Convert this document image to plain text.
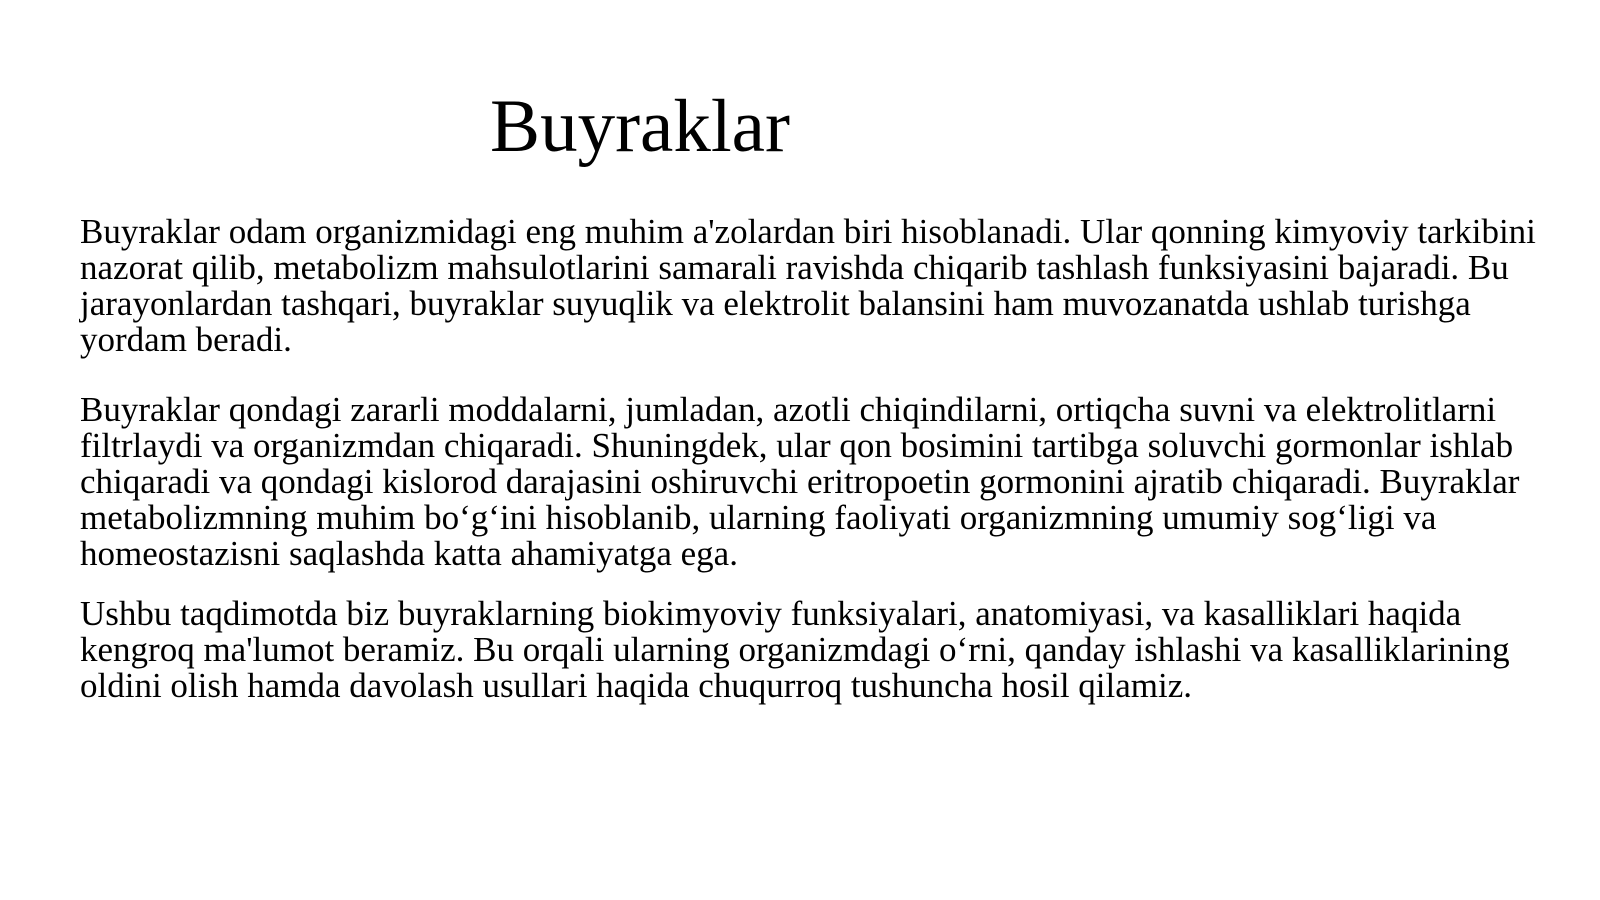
Buyraklar

Buyraklar odam organizmidagi eng muhim a'zolardan biri hisoblanadi. Ular qonning kimyoviy tarkibini nazorat qilib, metabolizm mahsulotlarini samarali ravishda chiqarib tashlash funksiyasini bajaradi. Bu jarayonlardan tashqari, buyraklar suyuqlik va elektrolit balansini ham muvozanatda ushlab turishga yordam beradi.

Buyraklar qondagi zararli moddalarni, jumladan, azotli chiqindilarni, ortiqcha suvni va elektrolitlarni filtrlaydi va organizmdan chiqaradi. Shuningdek, ular qon bosimini tartibga soluvchi gormonlar ishlab chiqaradi va qondagi kislorod darajasini oshiruvchi eritropoetin gormonini ajratib chiqaradi. Buyraklar metabolizmning muhim bo‘g‘ini hisoblanib, ularning faoliyati organizmning umumiy sog‘ligi va homeostazisni saqlashda katta ahamiyatga ega.

Ushbu taqdimotda biz buyraklarning biokimyoviy funksiyalari, anatomiyasi, va kasalliklari haqida kengroq ma'lumot beramiz. Bu orqali ularning organizmdagi o‘rni, qanday ishlashi va kasalliklarining oldini olish hamda davolash usullari haqida chuqurroq tushuncha hosil qilamiz.
